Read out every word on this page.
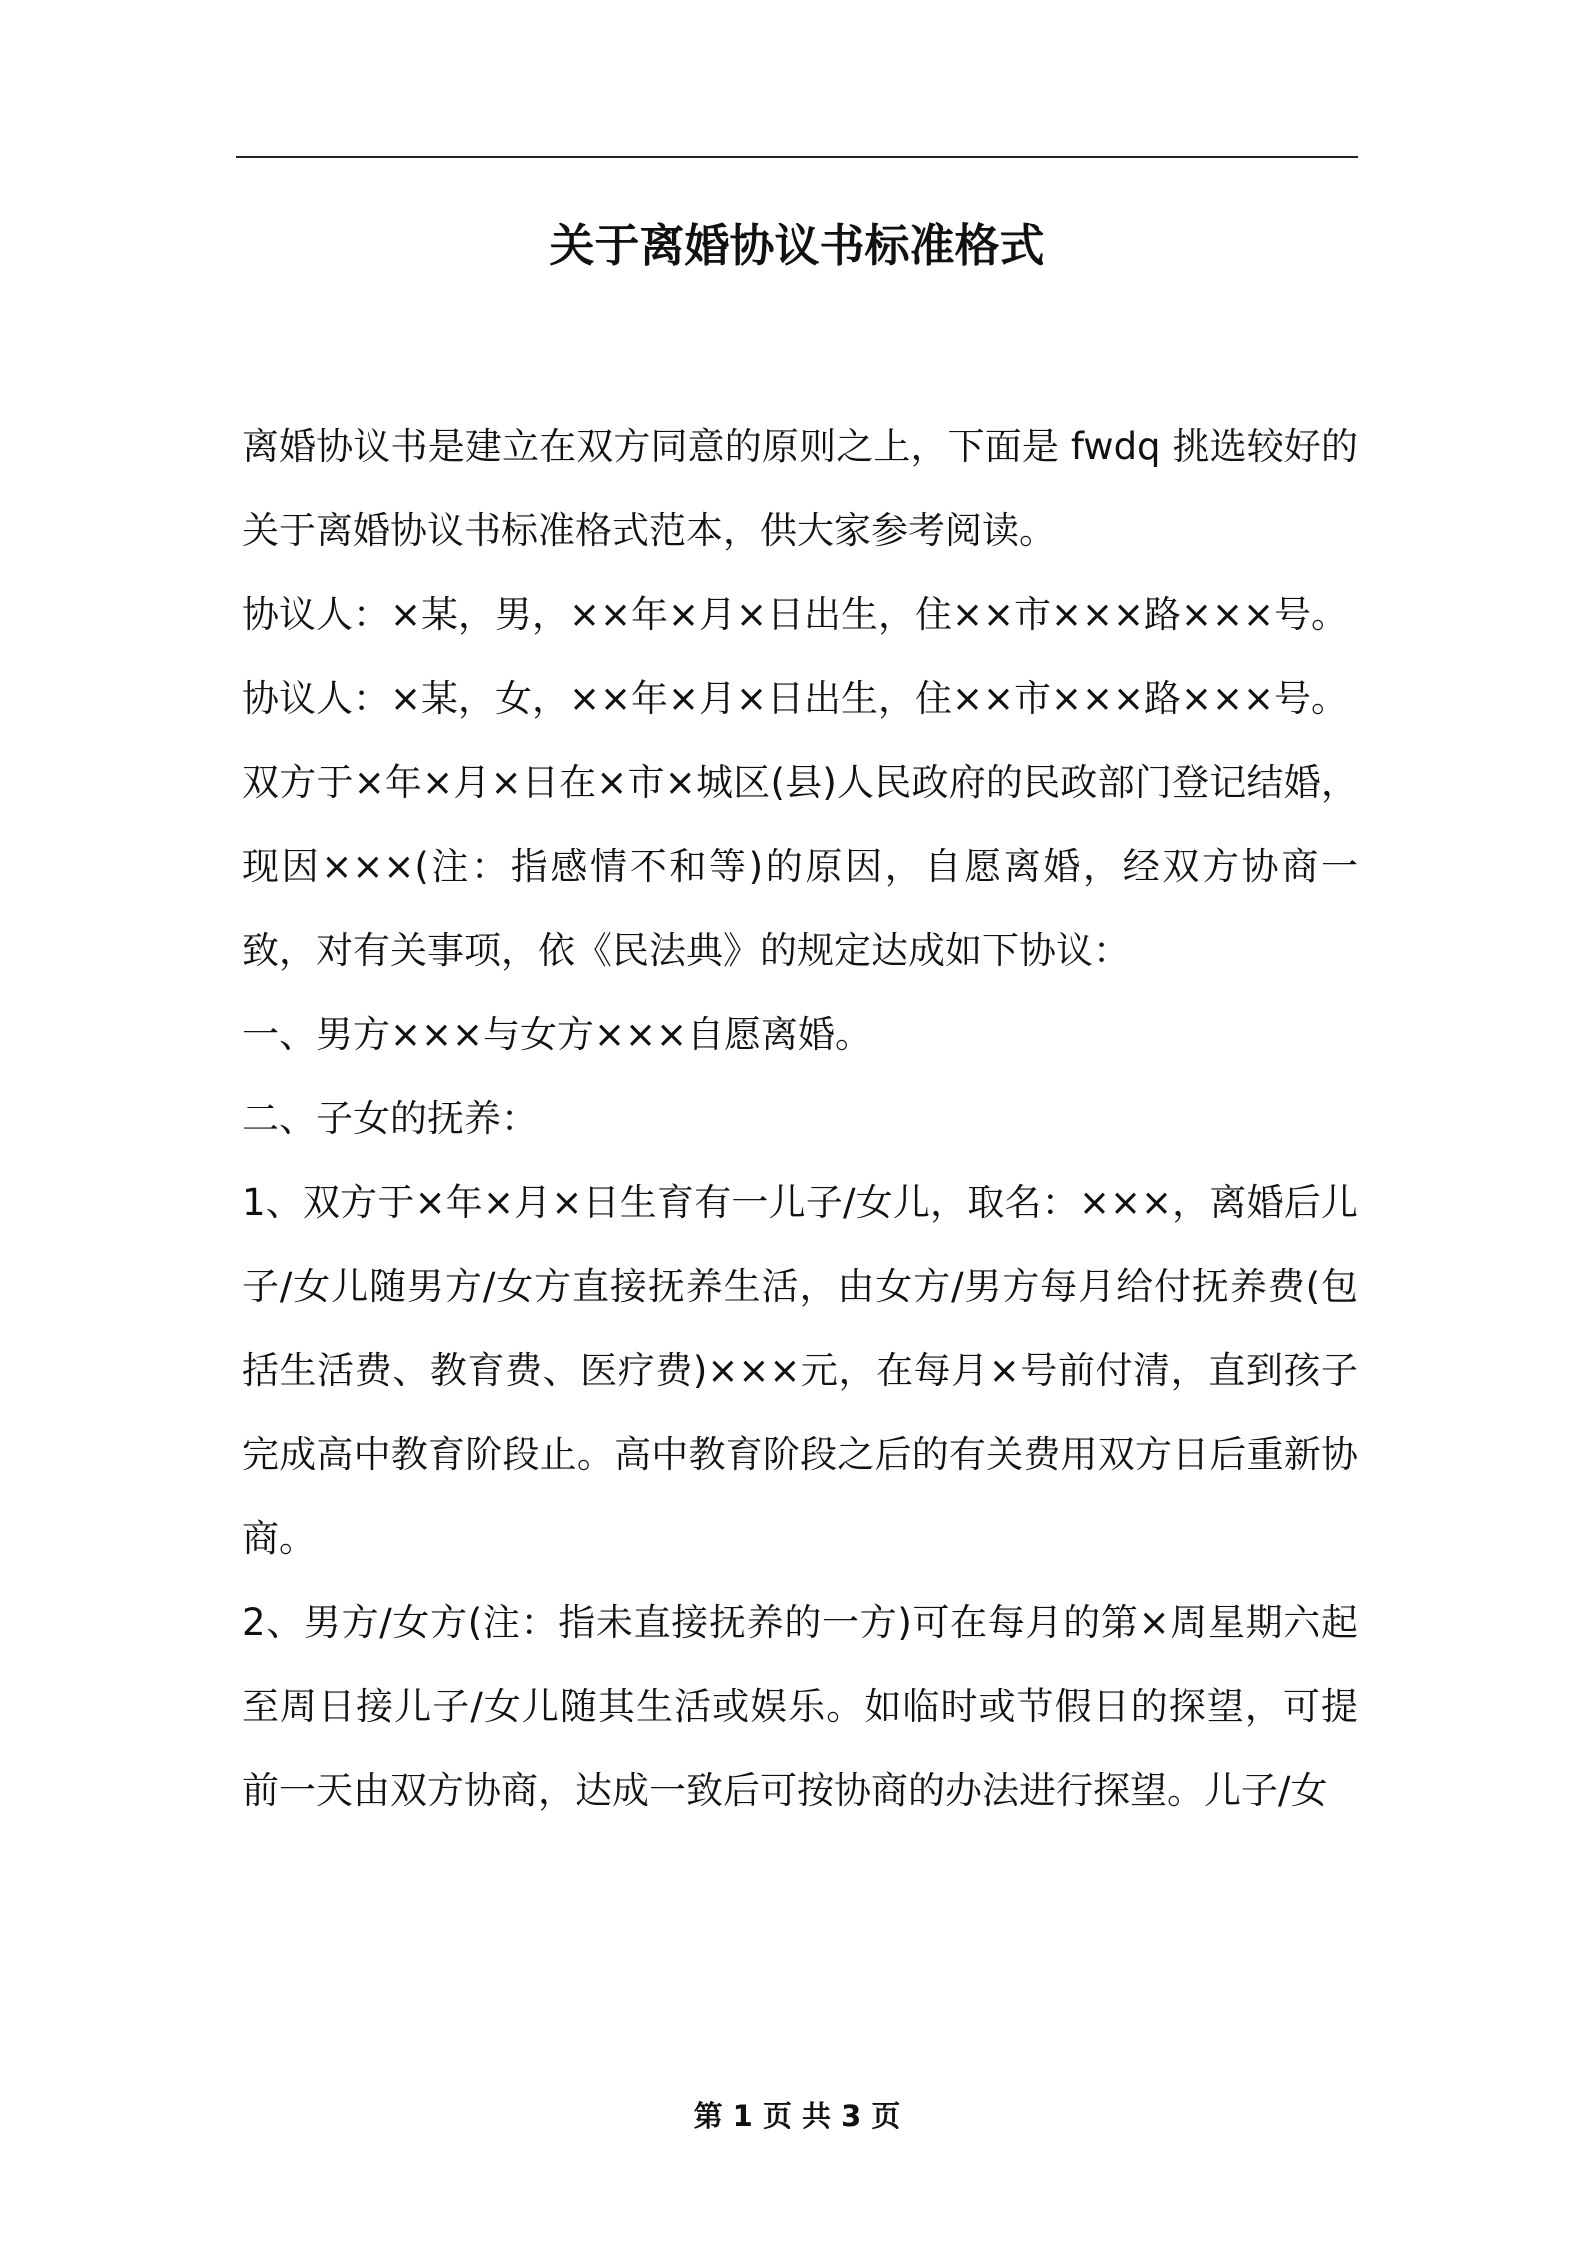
关于离婚协议书标准格式

离婚协议书是建立在双方同意的原则之上，下面是 fwdq 挑选较好的关于离婚协议书标准格式范本，供大家参考阅读。

协议人：×某，男，××年×月×日出生，住××市×××路×××号。

协议人：×某，女，××年×月×日出生，住××市×××路×××号。

双方于×年×月×日在×市×城区(县)人民政府的民政部门登记结婚，现因×××(注：指感情不和等)的原因，自愿离婚，经双方协商一致，对有关事项，依《民法典》的规定达成如下协议：

一、男方×××与女方×××自愿离婚。

二、子女的抚养：

1、双方于×年×月×日生育有一儿子/女儿，取名：×××，离婚后儿子/女儿随男方/女方直接抚养生活，由女方/男方每月给付抚养费(包括生活费、教育费、医疗费)×××元，在每月×号前付清，直到孩子完成高中教育阶段止。高中教育阶段之后的有关费用双方日后重新协商。

2、男方/女方(注：指未直接抚养的一方)可在每月的第×周星期六起至周日接儿子/女儿随其生活或娱乐。如临时或节假日的探望，可提前一天由双方协商，达成一致后可按协商的办法进行探望。儿子/女

第 1 页 共 3 页
